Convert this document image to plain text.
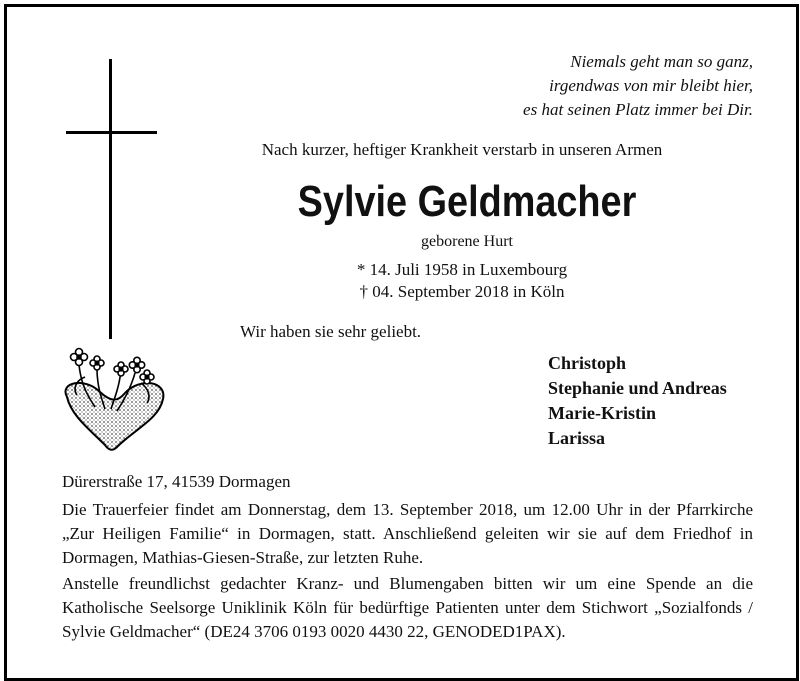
Niemals geht man so ganz,
irgendwas von mir bleibt hier,
es hat seinen Platz immer bei Dir.
Nach kurzer, heftiger Krankheit verstarb in unseren Armen
Sylvie Geldmacher
geborene Hurt
* 14. Juli 1958 in Luxembourg
† 04. September 2018 in Köln
Wir haben sie sehr geliebt.
Christoph
Stephanie und Andreas
Marie-Kristin
Larissa
Dürerstraße 17, 41539 Dormagen
Die Trauerfeier findet am Donnerstag, dem 13. September 2018, um 12.00 Uhr in der Pfarrkirche „Zur Heiligen Familie“ in Dormagen, statt. Anschließend geleiten wir sie auf dem Friedhof in Dormagen, Mathias-Giesen-Straße, zur letzten Ruhe.
Anstelle freundlichst gedachter Kranz- und Blumengaben bitten wir um eine Spende an die Katholische Seelsorge Uniklinik Köln für bedürftige Patienten unter dem Stichwort „Sozialfonds / Sylvie Geldmacher“ (DE24 3706 0193 0020 4430 22, GENODED1PAX).
